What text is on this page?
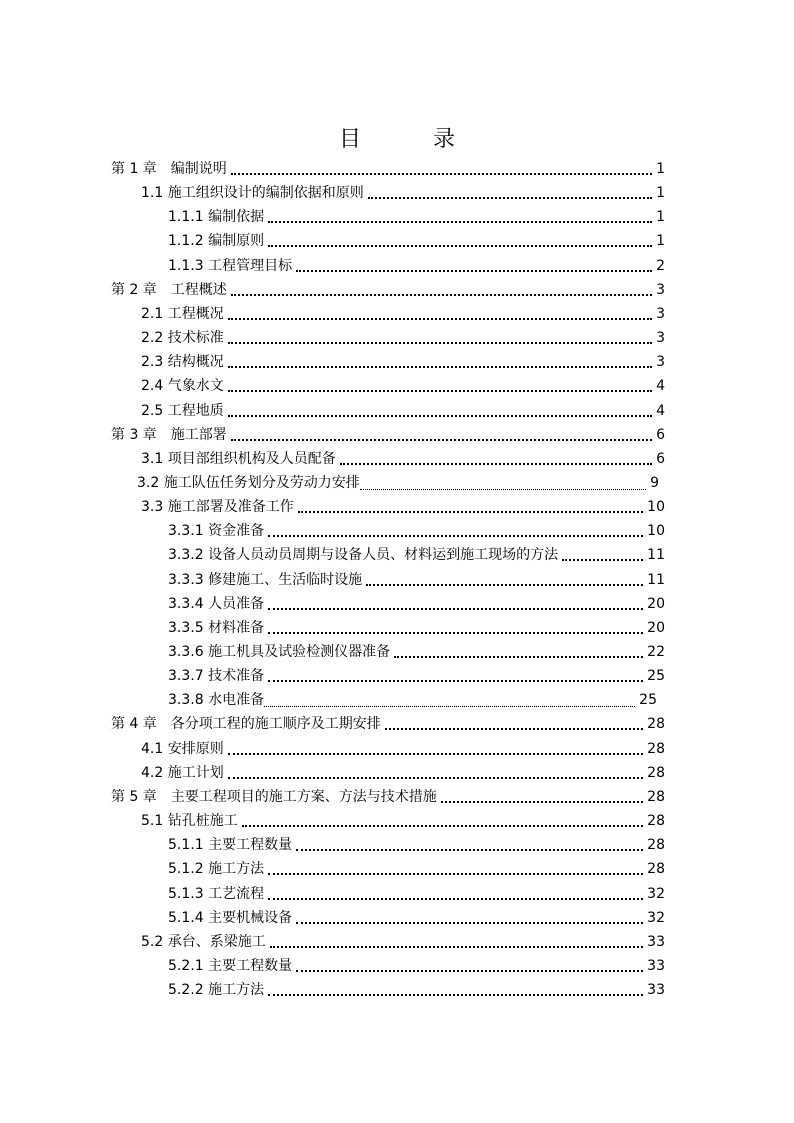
目	录
第 1 章　编制说明	1
1.1 施工组织设计的编制依据和原则	1
1.1.1 编制依据	1
1.1.2 编制原则	1
1.1.3 工程管理目标	2
第 2 章　工程概述	3
2.1 工程概况	3
2.2 技术标准	3
2.3 结构概况	3
2.4 气象水文	4
2.5 工程地质	4
第 3 章　施工部署	6
3.1 项目部组织机构及人员配备	6
3.2 施工队伍任务划分及劳动力安排	9
3.3 施工部署及准备工作	10
3.3.1 资金准备	10
3.3.2 设备人员动员周期与设备人员、材料运到施工现场的方法	11
3.3.3 修建施工、生活临时设施	11
3.3.4 人员准备	20
3.3.5 材料准备	20
3.3.6 施工机具及试验检测仪器准备	22
3.3.7 技术准备	25
3.3.8 水电准备	25
第 4 章　各分项工程的施工顺序及工期安排	28
4.1 安排原则	28
4.2 施工计划	28
第 5 章　主要工程项目的施工方案、方法与技术措施	28
5.1 钻孔桩施工	28
5.1.1 主要工程数量	28
5.1.2 施工方法	28
5.1.3 工艺流程	32
5.1.4 主要机械设备	32
5.2 承台、系梁施工	33
5.2.1 主要工程数量	33
5.2.2 施工方法	33
